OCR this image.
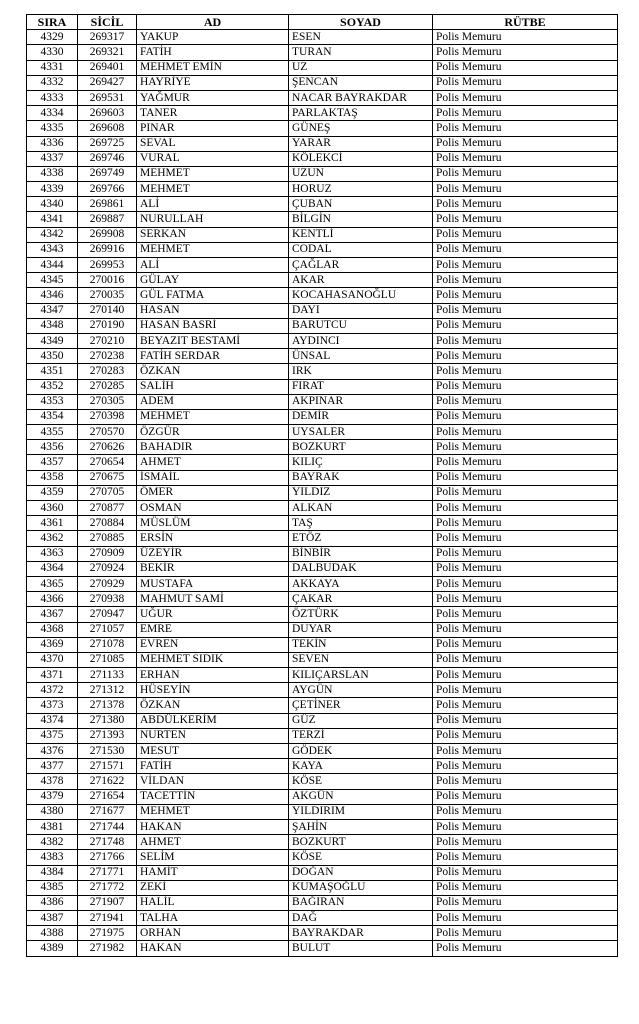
SIRA	SİCİL	AD	SOYAD	RÜTBE
4329	269317	YAKUP	ESEN	Polis Memuru
4330	269321	FATİH	TURAN	Polis Memuru
4331	269401	MEHMET EMİN	UZ	Polis Memuru
4332	269427	HAYRİYE	ŞENCAN	Polis Memuru
4333	269531	YAĞMUR	NACAR BAYRAKDAR	Polis Memuru
4334	269603	TANER	PARLAKTAŞ	Polis Memuru
4335	269608	PINAR	GÜNEŞ	Polis Memuru
4336	269725	SEVAL	YARAR	Polis Memuru
4337	269746	VURAL	KÖLEKCİ	Polis Memuru
4338	269749	MEHMET	UZUN	Polis Memuru
4339	269766	MEHMET	HORUZ	Polis Memuru
4340	269861	ALİ	ÇUBAN	Polis Memuru
4341	269887	NURULLAH	BİLGİN	Polis Memuru
4342	269908	SERKAN	KENTLİ	Polis Memuru
4343	269916	MEHMET	CODAL	Polis Memuru
4344	269953	ALİ	ÇAĞLAR	Polis Memuru
4345	270016	GÜLAY	AKAR	Polis Memuru
4346	270035	GÜL FATMA	KOCAHASANOĞLU	Polis Memuru
4347	270140	HASAN	DAYI	Polis Memuru
4348	270190	HASAN BASRİ	BARUTCU	Polis Memuru
4349	270210	BEYAZIT BESTAMİ	AYDINCI	Polis Memuru
4350	270238	FATİH SERDAR	ÜNSAL	Polis Memuru
4351	270283	ÖZKAN	IRK	Polis Memuru
4352	270285	SALİH	FIRAT	Polis Memuru
4353	270305	ADEM	AKPINAR	Polis Memuru
4354	270398	MEHMET	DEMİR	Polis Memuru
4355	270570	ÖZGÜR	UYSALER	Polis Memuru
4356	270626	BAHADIR	BOZKURT	Polis Memuru
4357	270654	AHMET	KILIÇ	Polis Memuru
4358	270675	İSMAİL	BAYRAK	Polis Memuru
4359	270705	ÖMER	YILDIZ	Polis Memuru
4360	270877	OSMAN	ALKAN	Polis Memuru
4361	270884	MÜSLÜM	TAŞ	Polis Memuru
4362	270885	ERSİN	ETÖZ	Polis Memuru
4363	270909	ÜZEYİR	BİNBİR	Polis Memuru
4364	270924	BEKİR	DALBUDAK	Polis Memuru
4365	270929	MUSTAFA	AKKAYA	Polis Memuru
4366	270938	MAHMUT SAMİ	ÇAKAR	Polis Memuru
4367	270947	UĞUR	ÖZTÜRK	Polis Memuru
4368	271057	EMRE	DUYAR	Polis Memuru
4369	271078	EVREN	TEKİN	Polis Memuru
4370	271085	MEHMET SIDIK	SEVEN	Polis Memuru
4371	271133	ERHAN	KILIÇARSLAN	Polis Memuru
4372	271312	HÜSEYİN	AYGÜN	Polis Memuru
4373	271378	ÖZKAN	ÇETİNER	Polis Memuru
4374	271380	ABDÜLKERİM	GÜZ	Polis Memuru
4375	271393	NURTEN	TERZİ	Polis Memuru
4376	271530	MESUT	GÖDEK	Polis Memuru
4377	271571	FATİH	KAYA	Polis Memuru
4378	271622	VİLDAN	KÖSE	Polis Memuru
4379	271654	TACETTİN	AKGÜN	Polis Memuru
4380	271677	MEHMET	YILDIRIM	Polis Memuru
4381	271744	HAKAN	ŞAHİN	Polis Memuru
4382	271748	AHMET	BOZKURT	Polis Memuru
4383	271766	SELİM	KÖSE	Polis Memuru
4384	271771	HAMİT	DOĞAN	Polis Memuru
4385	271772	ZEKİ	KUMAŞOĞLU	Polis Memuru
4386	271907	HALİL	BAĞIRAN	Polis Memuru
4387	271941	TALHA	DAĞ	Polis Memuru
4388	271975	ORHAN	BAYRAKDAR	Polis Memuru
4389	271982	HAKAN	BULUT	Polis Memuru
